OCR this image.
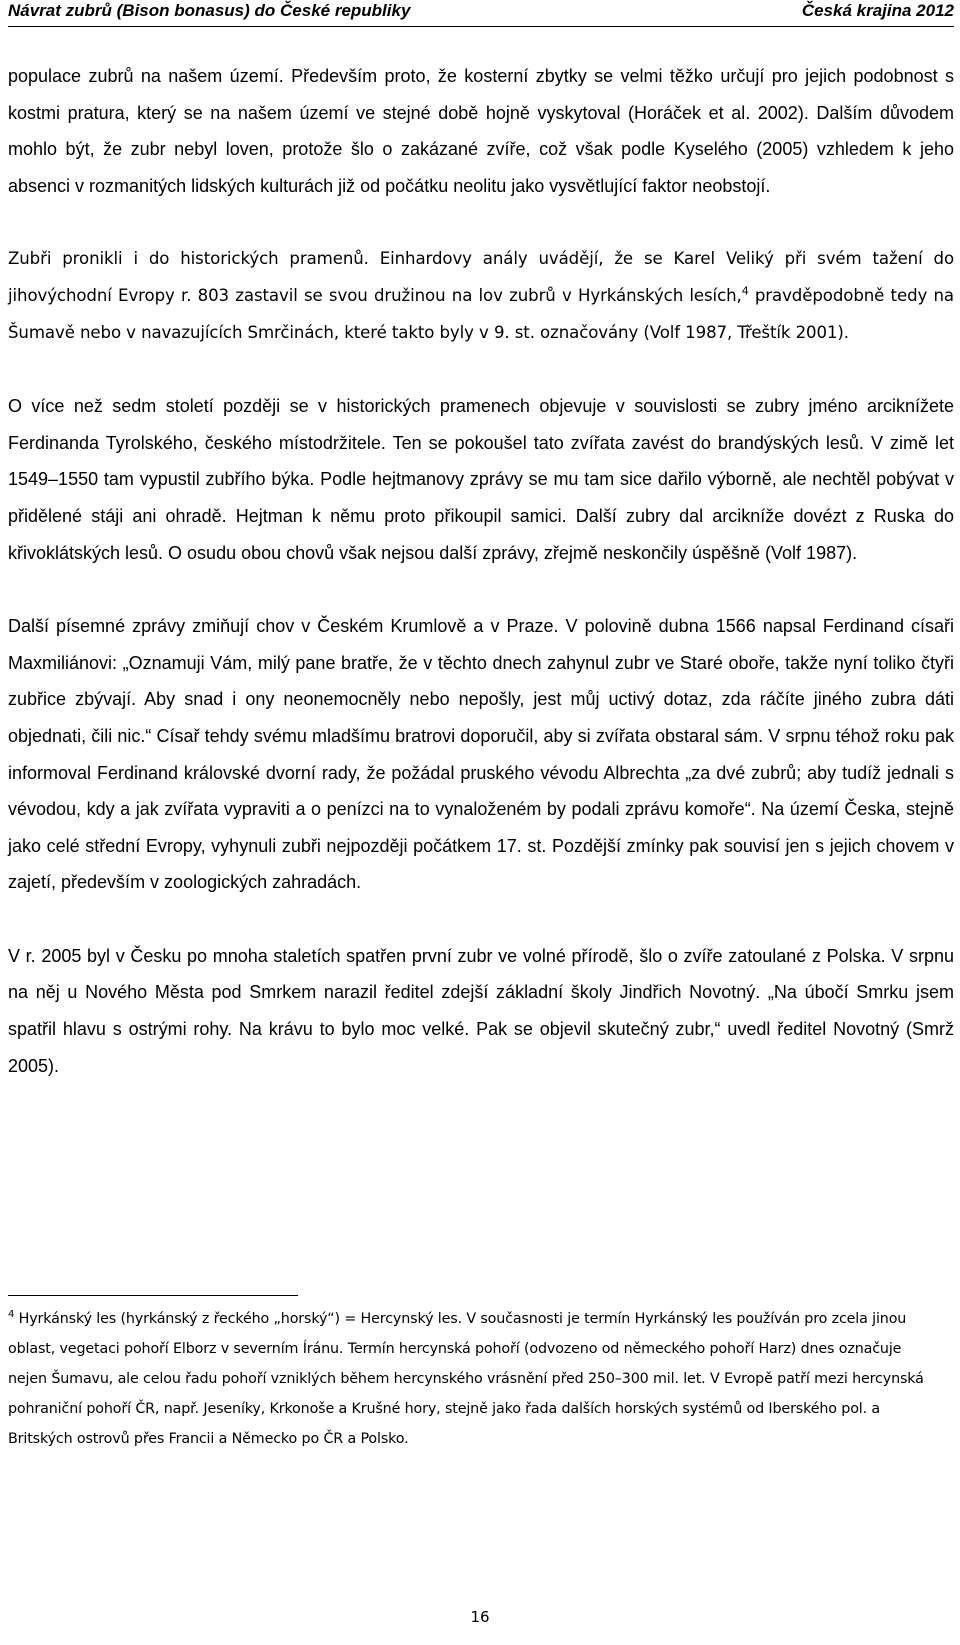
Návrat zubrů (Bison bonasus) do České republiky	Česká krajina 2012

populace zubrů na našem území. Především proto, že kosterní zbytky se velmi těžko určují pro jejich podobnost s kostmi pratura, který se na našem území ve stejné době hojně vyskytoval (Horáček et al. 2002). Dalším důvodem mohlo být, že zubr nebyl loven, protože šlo o zakázané zvíře, což však podle Kyselého (2005) vzhledem k jeho absenci v rozmanitých lidských kulturách již od počátku neolitu jako vysvětlující faktor neobstojí.

Zubři pronikli i do historických pramenů. Einhardovy anály uvádějí, že se Karel Veliký při svém tažení do jihovýchodní Evropy r. 803 zastavil se svou družinou na lov zubrů v Hyrkánských lesích,$^4$ pravděpodobně tedy na Šumavě nebo v navazujících Smrčinách, které takto byly v 9. st. označovány (Volf 1987, Třeštík 2001).

O více než sedm století později se v historických pramenech objevuje v souvislosti se zubry jméno arciknížete Ferdinanda Tyrolského, českého místodržitele. Ten se pokoušel tato zvířata zavést do brandýských lesů. V zimě let 1549–1550 tam vypustil zubřího býka. Podle hejtmanovy zprávy se mu tam sice dařilo výborně, ale nechtěl pobývat v přidělené stáji ani ohradě. Hejtman k němu proto přikoupil samici. Další zubry dal arcikníže dovézt z Ruska do křivoklátských lesů. O osudu obou chovů však nejsou další zprávy, zřejmě neskončily úspěšně (Volf 1987).

Další písemné zprávy zmiňují chov v Českém Krumlově a v Praze. V polovině dubna 1566 napsal Ferdinand císaři Maxmiliánovi: „Oznamuji Vám, milý pane bratře, že v těchto dnech zahynul zubr ve Staré oboře, takže nyní toliko čtyři zubřice zbývají. Aby snad i ony neonemocněly nebo nepošly, jest můj uctivý dotaz, zda ráčíte jiného zubra dáti objednati, čili nic.“ Císař tehdy svému mladšímu bratrovi doporučil, aby si zvířata obstaral sám. V srpnu téhož roku pak informoval Ferdinand královské dvorní rady, že požádal pruského vévodu Albrechta „za dvé zubrů; aby tudíž jednali s vévodou, kdy a jak zvířata vypraviti a o penízci na to vynaloženém by podali zprávu komoře“. Na území Česka, stejně jako celé střední Evropy, vyhynuli zubři nejpozději počátkem 17. st. Pozdější zmínky pak souvisí jen s jejich chovem v zajetí, především v zoologických zahradách.

V r. 2005 byl v Česku po mnoha staletích spatřen první zubr ve volné přírodě, šlo o zvíře zatoulané z Polska. V srpnu na něj u Nového Města pod Smrkem narazil ředitel zdejší základní školy Jindřich Novotný. „Na úbočí Smrku jsem spatřil hlavu s ostrými rohy. Na krávu to bylo moc velké. Pak se objevil skutečný zubr,“ uvedl ředitel Novotný (Smrž 2005).

$^4$ Hyrkánský les (hyrkánský z řeckého „horský“) = Hercynský les. V současnosti je termín Hyrkánský les používán pro zcela jinou oblast, vegetaci pohoří Elborz v severním Íránu. Termín hercynská pohoří (odvozeno od německého pohoří Harz) dnes označuje nejen Šumavu, ale celou řadu pohoří vzniklých během hercynského vrásnění před 250–300 mil. let. V Evropě patří mezi hercynská pohraniční pohoří ČR, např. Jeseníky, Krkonoše a Krušné hory, stejně jako řada dalších horských systémů od Iberského pol. a Britských ostrovů přes Francii a Německo po ČR a Polsko.
16
